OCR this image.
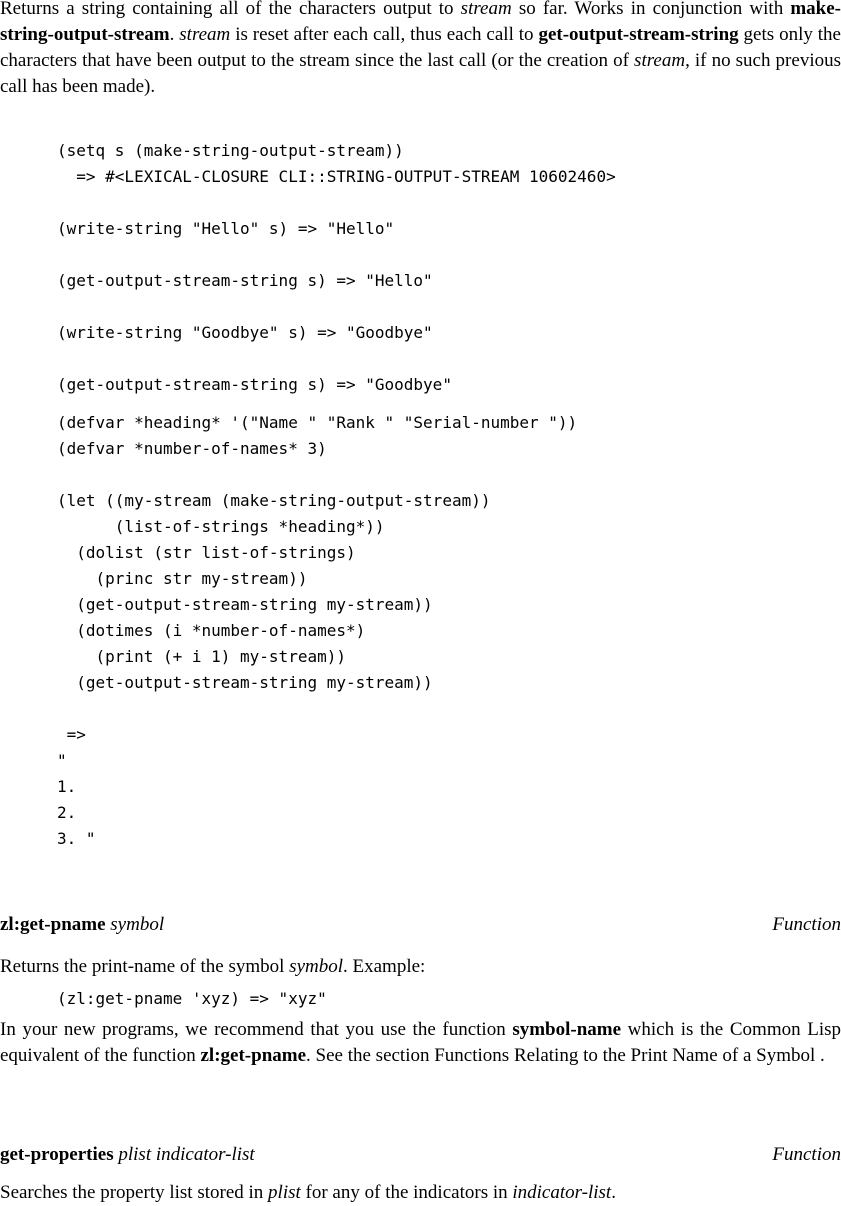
Returns a string containing all of the characters output to stream so far. Works in conjunction with make-string-output-stream. stream is reset after each call, thus each call to get-output-stream-string gets only the characters that have been output to the stream since the last call (or the creation of stream, if no such previous call has been made).
(setq s (make-string-output-stream))
=> #<LEXICAL-CLOSURE CLI::STRING-OUTPUT-STREAM 10602460>

(write-string "Hello" s) => "Hello"

(get-output-stream-string s) => "Hello"

(write-string "Goodbye" s) => "Goodbye"

(get-output-stream-string s) => "Goodbye"
(defvar *heading* '("Name " "Rank " "Serial-number "))
(defvar *number-of-names* 3)

(let ((my-stream (make-string-output-stream))
(list-of-strings *heading*))
(dolist (str list-of-strings)
(princ str my-stream))
(get-output-stream-string my-stream))
(dotimes (i *number-of-names*)
(print (+ i 1) my-stream))
(get-output-stream-string my-stream))

=>
"
1.
2.
3. "
zl:get-pname symbol	Function
Returns the print-name of the symbol symbol. Example:
(zl:get-pname 'xyz) => "xyz"
In your new programs, we recommend that you use the function symbol-name which is the Common Lisp equivalent of the function zl:get-pname. See the section Functions Relating to the Print Name of a Symbol .
get-properties plist indicator-list	Function
Searches the property list stored in plist for any of the indicators in indicator-list.
